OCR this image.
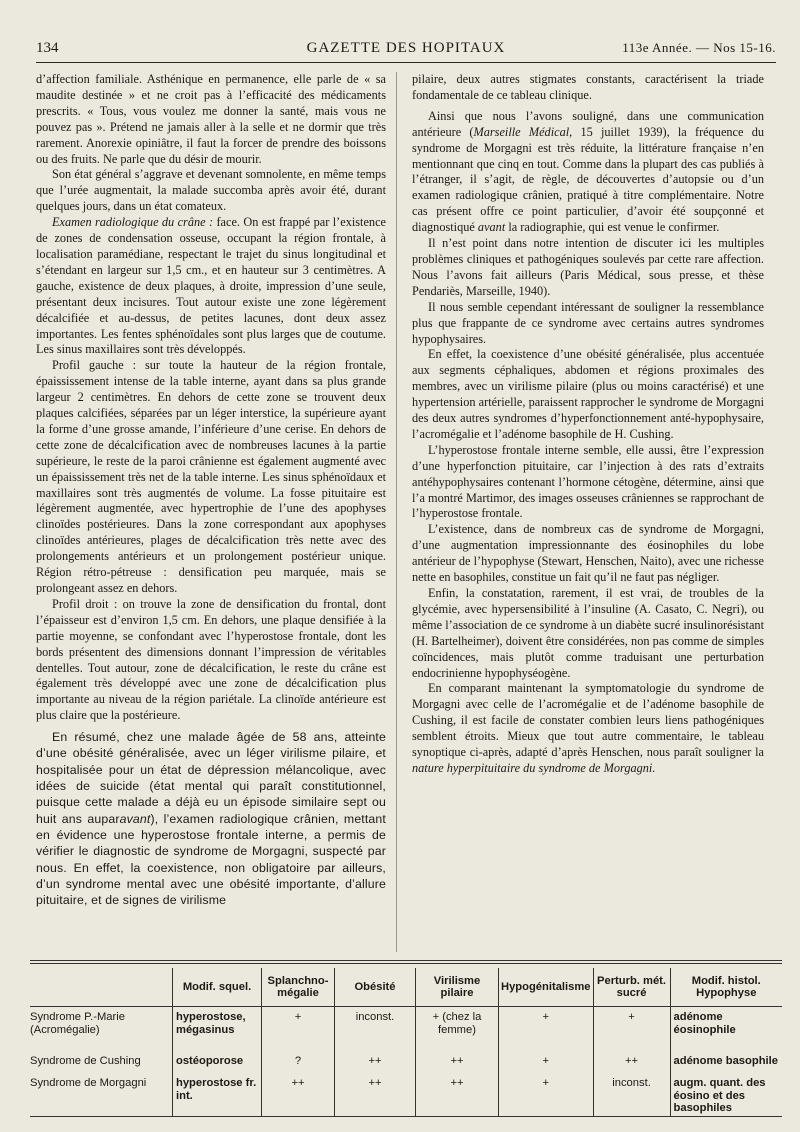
134	GAZETTE DES HOPITAUX	113e Année. — Nos 15-16.

d’affection familiale. Asthénique en permanence, elle parle de « sa maudite destinée » et ne croit pas à l’efficacité des médicaments prescrits. « Tous, vous voulez me donner la santé, mais vous ne pouvez pas ». Prétend ne jamais aller à la selle et ne dormir que très rarement. Anorexie opiniâtre, il faut la forcer de prendre des boissons ou des fruits. Ne parle que du désir de mourir.

Son état général s’aggrave et devenant somnolente, en même temps que l’urée augmentait, la malade succomba après avoir été, durant quelques jours, dans un état comateux.

Examen radiologique du crâne : face. On est frappé par l’existence de zones de condensation osseuse, occupant la région frontale, à localisation paramédiane, respectant le trajet du sinus longitudinal et s’étendant en largeur sur 1,5 cm., et en hauteur sur 3 centimètres. A gauche, existence de deux plaques, à droite, impression d’une seule, présentant deux incisures. Tout autour existe une zone légèrement décalcifiée et au-dessus, de petites lacunes, dont deux assez importantes. Les fentes sphénoïdales sont plus larges que de coutume. Les sinus maxillaires sont très développés.

Profil gauche : sur toute la hauteur de la région frontale, épaississement intense de la table interne, ayant dans sa plus grande largeur 2 centimètres. En dehors de cette zone se trouvent deux plaques calcifiées, séparées par un léger interstice, la supérieure ayant la forme d’une grosse amande, l’inférieure d’une cerise. En dehors de cette zone de décalcification avec de nombreuses lacunes à la partie supérieure, le reste de la paroi crânienne est également augmenté avec un épaississement très net de la table interne. Les sinus sphénoïdaux et maxillaires sont très augmentés de volume. La fosse pituitaire est légèrement augmentée, avec hypertrophie de l’une des apophyses clinoïdes postérieures. Dans la zone correspondant aux apophyses clinoïdes antérieures, plages de décalcification très nette avec des prolongements antérieurs et un prolongement postérieur unique. Région rétro-pétreuse : densification peu marquée, mais se prolongeant assez en dehors.

Profil droit : on trouve la zone de densification du frontal, dont l’épaisseur est d’environ 1,5 cm. En dehors, une plaque densifiée à la partie moyenne, se confondant avec l’hyperostose frontale, dont les bords présentent des dimensions donnant l’impression de véritables dentelles. Tout autour, zone de décalcification, le reste du crâne est également très développé avec une zone de décalcification plus importante au niveau de la région pariétale. La clinoïde antérieure est plus claire que la postérieure.

En résumé, chez une malade âgée de 58 ans, atteinte d’une obésité généralisée, avec un léger virilisme pilaire, et hospitalisée pour un état de dépression mélancolique, avec idées de suicide (état mental qui paraît constitutionnel, puisque cette malade a déjà eu un épisode similaire sept ou huit ans auparavant), l’examen radiologique crânien, mettant en évidence une hyperostose frontale interne, a permis de vérifier le diagnostic de syndrome de Morgagni, suspecté par nous. En effet, la coexistence, non obligatoire par ailleurs, d’un syndrome mental avec une obésité importante, d’allure pituitaire, et de signes de virilisme

pilaire, deux autres stigmates constants, caractérisent la triade fondamentale de ce tableau clinique.

Ainsi que nous l’avons souligné, dans une communication antérieure (Marseille Médical, 15 juillet 1939), la fréquence du syndrome de Morgagni est très réduite, la littérature française n’en mentionnant que cinq en tout. Comme dans la plupart des cas publiés à l’étranger, il s’agit, de règle, de découvertes d’autopsie ou d’un examen radiologique crânien, pratiqué à titre complémentaire. Notre cas présent offre ce point particulier, d’avoir été soupçonné et diagnostiqué avant la radiographie, qui est venue le confirmer.

Il n’est point dans notre intention de discuter ici les multiples problèmes cliniques et pathogéniques soulevés par cette rare affection. Nous l’avons fait ailleurs (Paris Médical, sous presse, et thèse Pendariès, Marseille, 1940).

Il nous semble cependant intéressant de souligner la ressemblance plus que frappante de ce syndrome avec certains autres syndromes hypophysaires.

En effet, la coexistence d’une obésité généralisée, plus accentuée aux segments céphaliques, abdomen et régions proximales des membres, avec un virilisme pilaire (plus ou moins caractérisé) et une hypertension artérielle, paraissent rapprocher le syndrome de Morgagni des deux autres syndromes d’hyperfonctionnement anté-hypophysaire, l’acromégalie et l’adénome basophile de H. Cushing.

L’hyperostose frontale interne semble, elle aussi, être l’expression d’une hyperfonction pituitaire, car l’injection à des rats d’extraits antéhypophysaires contenant l’hormone cétogène, détermine, ainsi que l’a montré Martimor, des images osseuses crâniennes se rapprochant de l’hyperostose frontale.

L’existence, dans de nombreux cas de syndrome de Morgagni, d’une augmentation impressionnante des éosinophiles du lobe antérieur de l’hypophyse (Stewart, Henschen, Naito), avec une richesse nette en basophiles, constitue un fait qu’il ne faut pas négliger.

Enfin, la constatation, rarement, il est vrai, de troubles de la glycémie, avec hypersensibilité à l’insuline (A. Casato, C. Negri), ou même l’association de ce syndrome à un diabète sucré insulinorésistant (H. Bartelheimer), doivent être considérées, non pas comme de simples coïncidences, mais plutôt comme traduisant une perturbation endocrinienne hypophyséogène.

En comparant maintenant la symptomatologie du syndrome de Morgagni avec celle de l’acromégalie et de l’adénome basophile de Cushing, il est facile de constater combien leurs liens pathogéniques semblent étroits. Mieux que tout autre commentaire, le tableau synoptique ci-après, adapté d’après Henschen, nous paraît souligner la nature hyperpituitaire du syndrome de Morgagni.

	Modif. squel.	Splanchno-mégalie	Obésité	Virilisme pilaire	Hypogénitalisme	Perturb. mét. sucré	Modif. histol. Hypophyse
Syndrome P.-Marie (Acromégalie)	hyperostose, mégasinus	+	inconst.	+ (chez la femme)	+	+	adénome éosinophile
Syndrome de Cushing	ostéoporose	?	++	++	+	++	adénome basophile
Syndrome de Morgagni	hyperostose fr. int.	++	++	++	+	inconst.	augm. quant. des éosino et des basophiles
